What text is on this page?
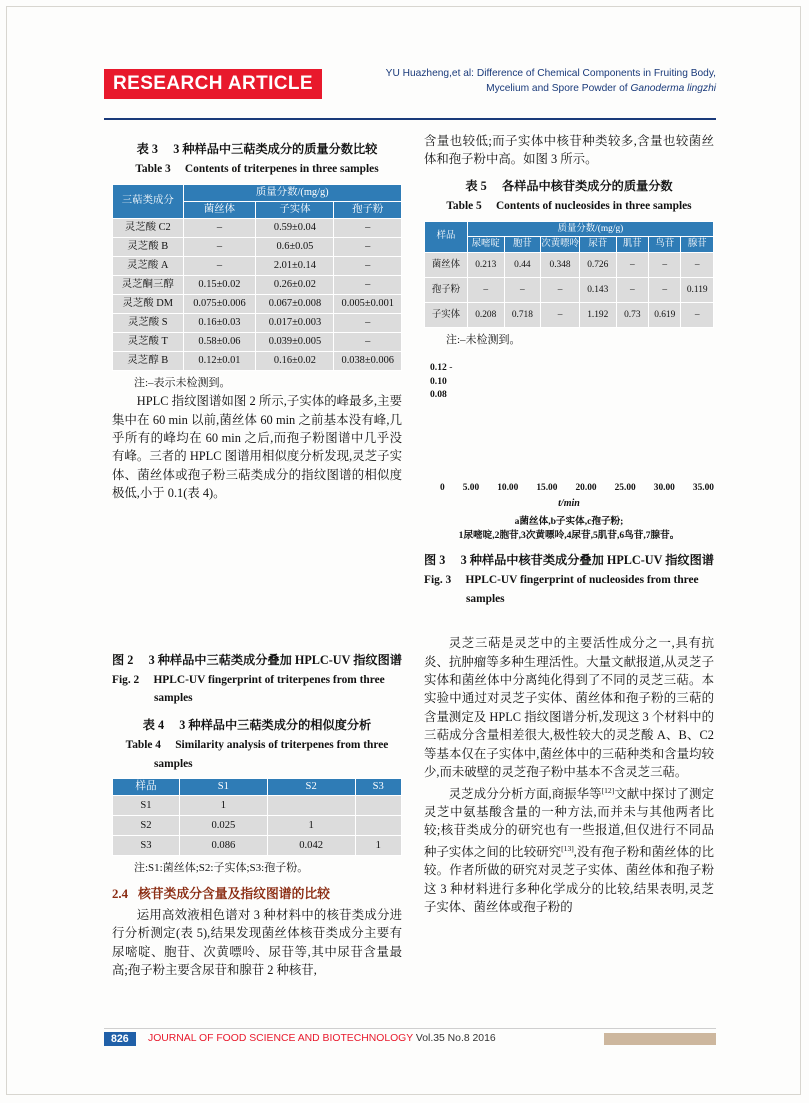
RESEARCH ARTICLE	YU Huazheng,et al: Difference of Chemical Components in Fruiting Body,
Mycelium and Spore Powder of Ganoderma lingzhi
表 3  3 种样品中三萜类成分的质量分数比较
Table 3  Contents of triterpenes in three samples
三萜类成分	质量分数/(mg/g)		
	菌丝体	子实体	孢子粉
灵芝酸 C2	–	0.59±0.04	–
灵芝酸 B	–	0.6±0.05	–
灵芝酸 A	–	2.01±0.14	–
灵芝酮三醇	0.15±0.02	0.26±0.02	–
灵芝酸 DM	0.075±0.006	0.067±0.008	0.005±0.001
灵芝酸 S	0.16±0.03	0.017±0.003	–
灵芝酸 T	0.58±0.06	0.039±0.005	–
灵芝醇 B	0.12±0.01	0.16±0.02	0.038±0.006

注:–表示未检测到。

HPLC 指纹图谱如图 2 所示,子实体的峰最多,主要集中在 60 min 以前,菌丝体 60 min 之前基本没有峰,几乎所有的峰均在 60 min 之后,而孢子粉图谱中几乎没有峰。三者的 HPLC 图谱用相似度分析发现,灵芝子实体、菌丝体或孢子粉三萜类成分的指纹图谱的相似度极低,小于 0.1(表 4)。

图 2  3 种样品中三萜类成分叠加 HPLC-UV 指纹图谱
Fig. 2  HPLC-UV fingerprint of triterpenes from three
samples
表 4  3 种样品中三萜类成分的相似度分析
Table 4  Similarity analysis of triterpenes from three
samples
样品	S1	S2	S3
S1	1		
S2	0.025	1	
S3	0.086	0.042	1

注:S1:菌丝体;S2:子实体;S3:孢子粉。

2.4 核苷类成分含量及指纹图谱的比较

运用高效液相色谱对 3 种材料中的核苷类成分进行分析测定(表 5),结果发现菌丝体核苷类成分主要有尿嘧啶、胞苷、次黄嘌呤、尿苷等,其中尿苷含量最高;孢子粉主要含尿苷和腺苷 2 种核苷,

含量也较低;而子实体中核苷种类较多,含量也较菌丝体和孢子粉中高。如图 3 所示。

表 5  各样品中核苷类成分的质量分数
Table 5  Contents of nucleosides in three samples
样品	质量分数/(mg/g)						
	尿嘧啶	胞苷	次黄嘌呤	尿苷	肌苷	鸟苷	腺苷
菌丝体	0.213	0.44	0.348	0.726	–	–	–
孢子粉	–	–	–	0.143	–	–	0.119
子实体	0.208	0.718	–	1.192	0.73	0.619	–

注:–未检测到。

0.12 -
0.10
0.08
0 5.00 10.00 15.00 20.00 25.00 30.00 35.00
t/min
a菌丝体,b子实体,c孢子粉;
1尿嘧啶,2胞苷,3次黄嘌呤,4尿苷,5肌苷,6鸟苷,7腺苷。
图 3  3 种样品中核苷类成分叠加 HPLC-UV 指纹图谱
Fig. 3  HPLC-UV fingerprint of nucleosides from three
samples

灵芝三萜是灵芝中的主要活性成分之一,具有抗炎、抗肿瘤等多种生理活性。大量文献报道,从灵芝子实体和菌丝体中分离纯化得到了不同的灵芝三萜。本实验中通过对灵芝子实体、菌丝体和孢子粉的三萜的含量测定及 HPLC 指纹图谱分析,发现这 3 个材料中的三萜成分含量相差很大,极性较大的灵芝酸 A、B、C2 等基本仅在子实体中,菌丝体中的三萜种类和含量均较少,而未破壁的灵芝孢子粉中基本不含灵芝三萜。

灵芝成分分析方面,商振华等[12]文献中探讨了测定灵芝中氨基酸含量的一种方法,而并未与其他两者比较;核苷类成分的研究也有一些报道,但仅进行不同品种子实体之间的比较研究[13],没有孢子粉和菌丝体的比较。作者所做的研究对灵芝子实体、菌丝体和孢子粉这 3 种材料进行多种化学成分的比较,结果表明,灵芝子实体、菌丝体或孢子粉的

826	JOURNAL OF FOOD SCIENCE AND BIOTECHNOLOGY Vol.35 No.8 2016
